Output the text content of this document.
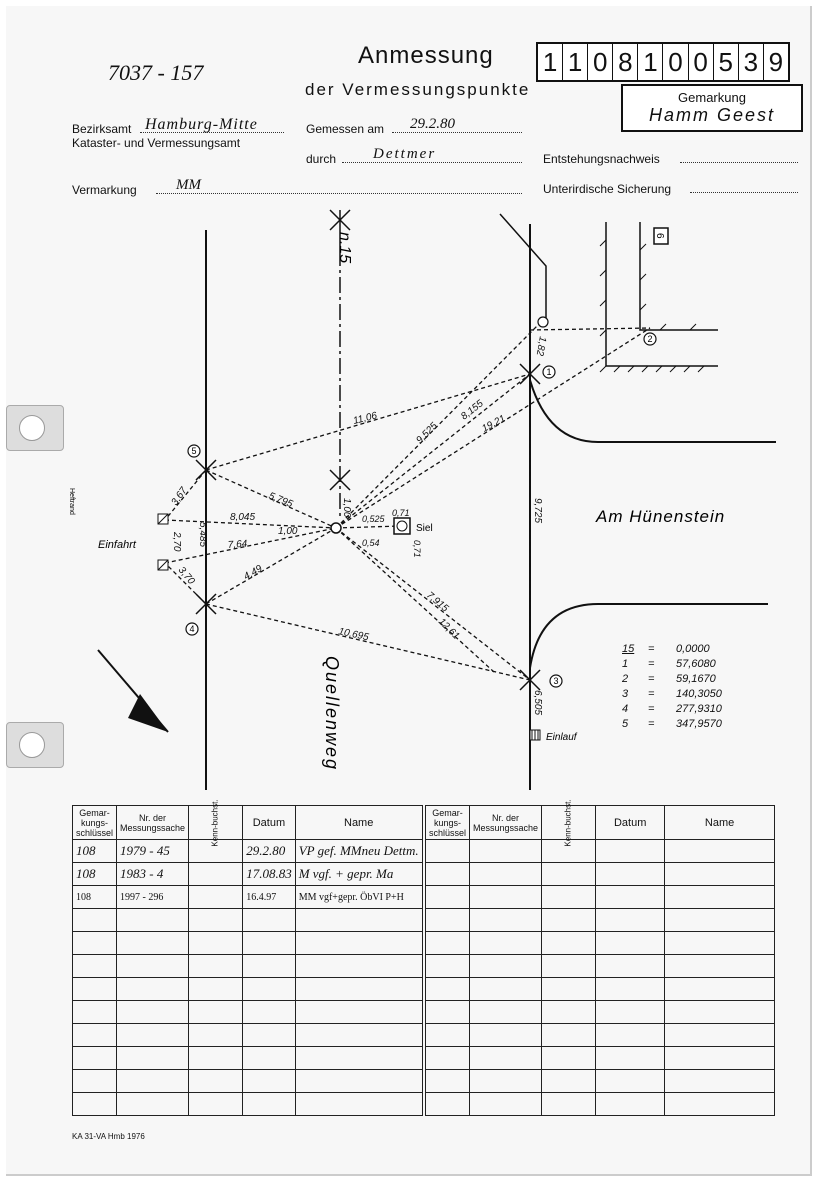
7037 - 157
Anmessung
der Vermessungspunkte
1 1 0 8 1 0 0 5 3 9
Gemarkung
Hamm Geest
Bezirksamt Hamburg-Mitte
Kataster- und Vermessungsamt
Gemessen am 29.2.80
durch Dettmer	Entstehungsnachweis
Vermarkung	MM	Unterirdische Sicherung
1
2
3
4
5
11,06
9,525
8,155
19,21
5,795	1,00
8,045
1,00
7,64
4,49
0,525
0,71
0,54	0,71
3,67
5,485
2,70
3,70
9,725
1,82
7,915
12,61
10,695
6,505
n.15
Am Hünenstein
Quellenweg
Einfahrt
Einlauf
Siel
Heftrand
6
15 = 0,0000
1 = 57,6080
2 = 59,1670
3 = 140,3050
4 = 277,9310
5 = 347,9570
Gemar-kungs-schlüssel	Nr. der Messungssache	Kenn-buchst.	Datum	Name
108	1979 - 45		29.2.80	VP gef. MMneu Dettm.
108	1983 - 4		17.08.83	M vgf. + gepr. Ma
108	1997 - 296		16.4.97	MM vgf+gepr. ÖbVI P+H

Gemar-kungs-schlüssel	Nr. der Messungssache	Kenn-buchst.	Datum	Name

KA 31-VA Hmb 1976
